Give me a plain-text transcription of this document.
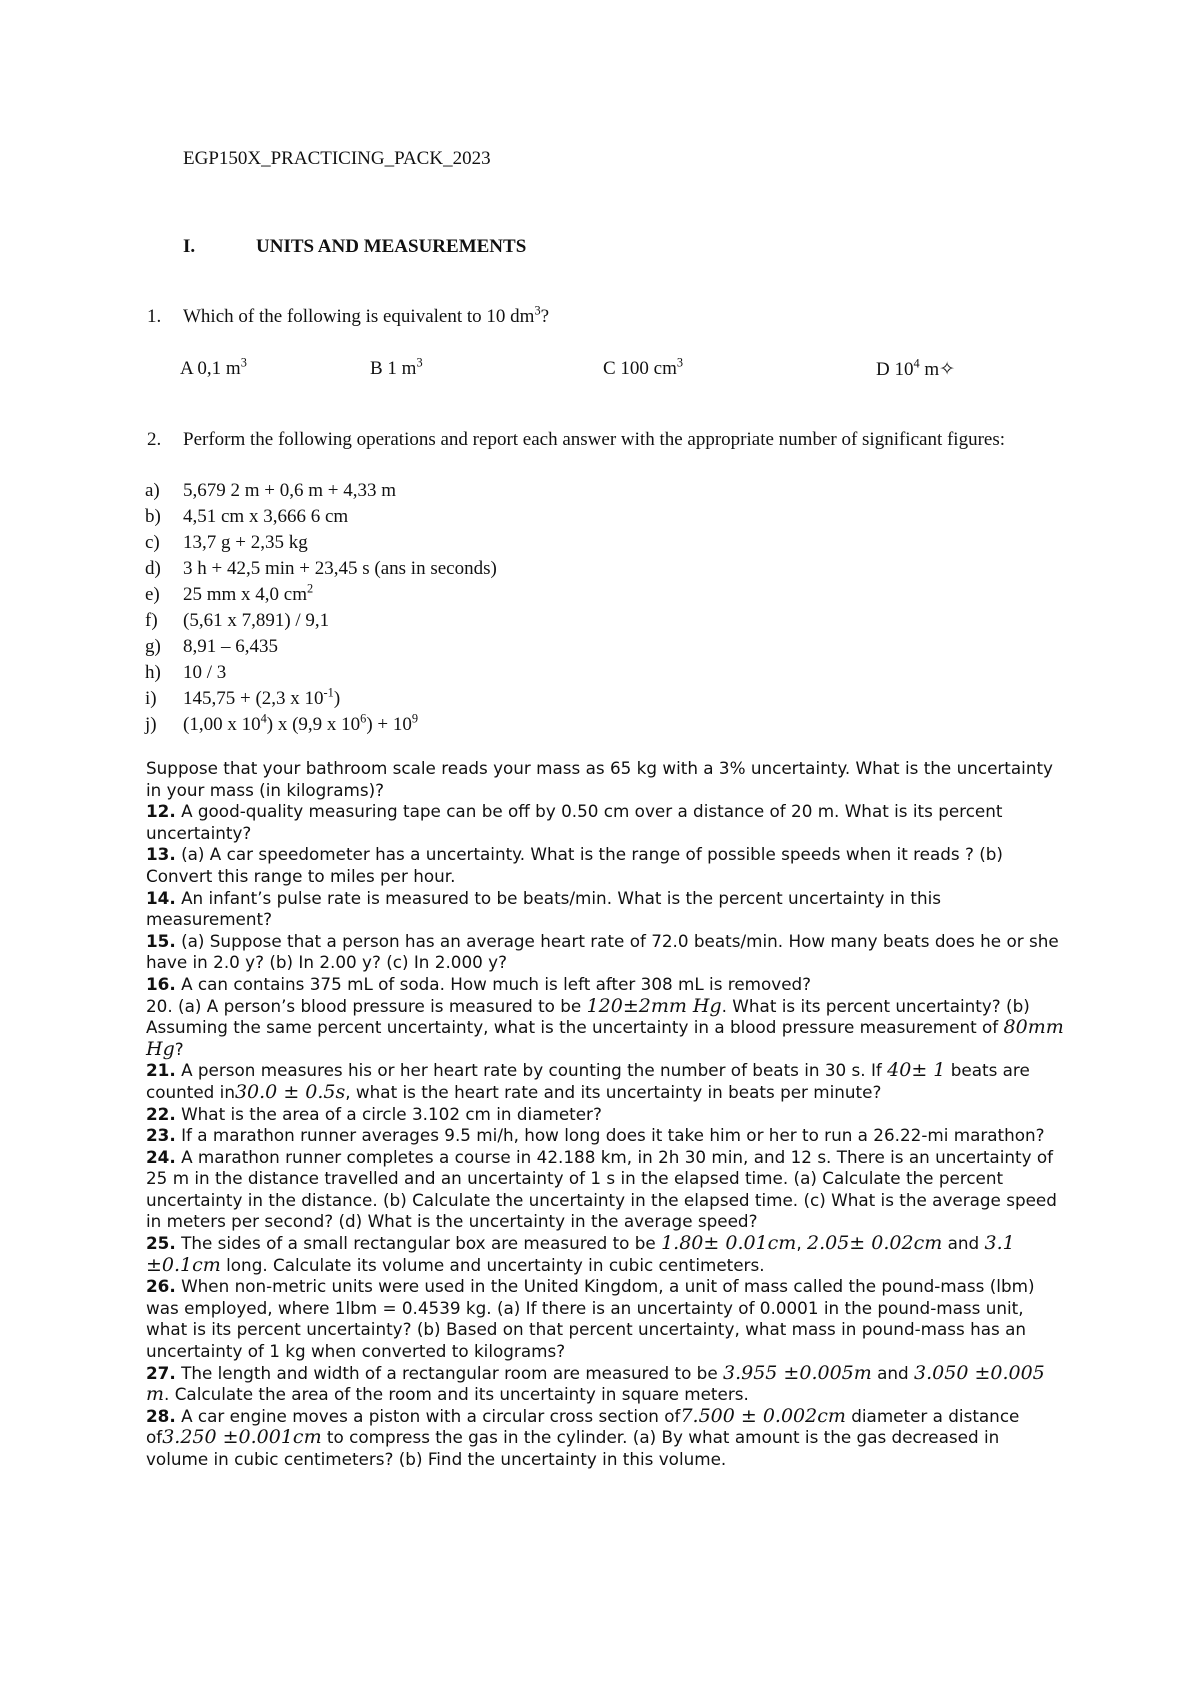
EGP150X_PRACTICING_PACK_2023
I.	UNITS AND MEASUREMENTS
1. Which of the following is equivalent to 10 $dm^3$?
A 0,1 $m^3$	B 1 $m^3$	C 100 $cm^3$	D $10^4$ m✧
2. Perform the following operations and report each answer with the appropriate number of significant figures:
a) 5,679 2 m + 0,6 m + 4,33 m
b) 4,51 cm x 3,666 6 cm
c) 13,7 g + 2,35 kg
d) 3 h + 42,5 min + 23,45 s (ans in seconds)
e) 25 mm x 4,0 $cm^2$
f) (5,61 x 7,891) / 9,1
g) 8,91 – 6,435
h) 10 / 3
i) 145,75 + (2,3 x $10^{-1}$)
j) (1,00 x $10^4$) x (9,9 x $10^6) + 10^9$

Suppose that your bathroom scale reads your mass as 65 kg with a 3% uncertainty. What is the uncertainty in your mass (in kilograms)?

12. A good-quality measuring tape can be off by 0.50 cm over a distance of 20 m. What is its percent uncertainty?

13. (a) A car speedometer has a uncertainty. What is the range of possible speeds when it reads ? (b) Convert this range to miles per hour.

14. An infant’s pulse rate is measured to be beats/min. What is the percent uncertainty in this measurement?

15. (a) Suppose that a person has an average heart rate of 72.0 beats/min. How many beats does he or she have in 2.0 y? (b) In 2.00 y? (c) In 2.000 y?

16. A can contains 375 mL of soda. How much is left after 308 mL is removed?

20. (a) A person’s blood pressure is measured to be 120±2mm Hg. What is its percent uncertainty? (b) Assuming the same percent uncertainty, what is the uncertainty in a blood pressure measurement of 80mm Hg?

21. A person measures his or her heart rate by counting the number of beats in 30 s. If 40± 1 beats are counted in30.0 ± 0.5s, what is the heart rate and its uncertainty in beats per minute?

22. What is the area of a circle 3.102 cm in diameter?

23. If a marathon runner averages 9.5 mi/h, how long does it take him or her to run a 26.22-mi marathon?

24. A marathon runner completes a course in 42.188 km, in 2h 30 min, and 12 s. There is an uncertainty of 25 m in the distance travelled and an uncertainty of 1 s in the elapsed time. (a) Calculate the percent uncertainty in the distance. (b) Calculate the uncertainty in the elapsed time. (c) What is the average speed in meters per second? (d) What is the uncertainty in the average speed?

25. The sides of a small rectangular box are measured to be 1.80± 0.01cm, 2.05± 0.02cm and 3.1 ±0.1cm long. Calculate its volume and uncertainty in cubic centimeters.

26. When non-metric units were used in the United Kingdom, a unit of mass called the pound-mass (lbm) was employed, where 1lbm = 0.4539 kg. (a) If there is an uncertainty of 0.0001 in the pound-mass unit, what is its percent uncertainty? (b) Based on that percent uncertainty, what mass in pound-mass has an uncertainty of 1 kg when converted to kilograms?

27. The length and width of a rectangular room are measured to be 3.955 ±0.005m and 3.050 ±0.005 m. Calculate the area of the room and its uncertainty in square meters.

28. A car engine moves a piston with a circular cross section of7.500 ± 0.002cm diameter a distance of3.250 ±0.001cm to compress the gas in the cylinder. (a) By what amount is the gas decreased in volume in cubic centimeters? (b) Find the uncertainty in this volume.
